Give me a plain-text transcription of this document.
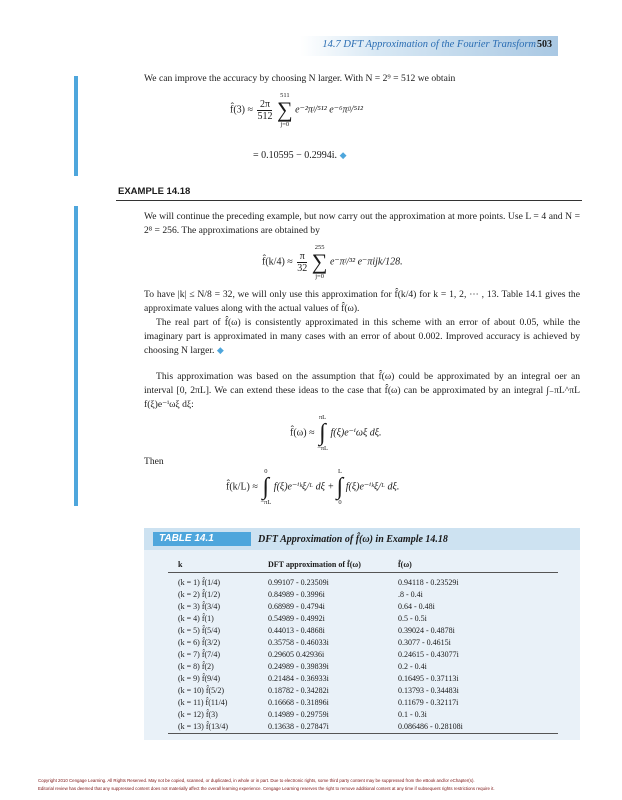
14.7 DFT Approximation of the Fourier Transform 503
We can improve the accuracy by choosing N larger. With N = 2⁹ = 512 we obtain
f̂(3) ≈ $\frac{2\pi}{512}$

511
∑
j=0
e⁻²πʲ/⁵¹² e⁻⁶πʲʲ/⁵¹²
= 0.10595 − 0.2994i. ◆
EXAMPLE 14.18
We will continue the preceding example, but now carry out the approximation at more points. Use L = 4 and N = 2⁸ = 256. The approximations are obtained by
f̂(k/4) ≈ $\frac{\pi}{32}$

255
∑
j=0
e⁻πʲ/³² e⁻πijk/128.
To have |k| ≤ N/8 = 32, we will only use this approximation for f̂(k/4) for k = 1, 2, ⋯ , 13. Table 14.1 gives the approximate values along with the actual values of f̂(ω).
The real part of f̂(ω) is consistently approximated in this scheme with an error of about 0.05, while the imaginary part is approximated in many cases with an error of about 0.002. Improved accuracy is achieved by choosing N larger. ◆
This approximation was based on the assumption that f̂(ω) could be approximated by an integral oer an interval [0, 2πL]. We can extend these ideas to the case that f̂(ω) can be approximated by an integral ∫₋πL^πL f(ξ)e⁻ⁱωξ dξ:
f̂(ω) ≈
πL
∫
−πL
f(ξ)e⁻ⁱωξ dξ.
Then
f̂(k/L) ≈
0
∫
−πL
f(ξ)e⁻ⁱᵏξ/ᴸ dξ +
L
∫
0
f(ξ)e⁻ⁱᵏξ/ᴸ dξ.
TABLE 14.1	DFT Approximation of f̂(ω) in Example 14.18
k	DFT approximation of f̂(ω)	f̂(ω)
(k = 1) f̂(1/4)	0.99107 - 0.23509i	0.94118 - 0.23529i
(k = 2) f̂(1/2)	0.84989 - 0.3996i	.8 - 0.4i
(k = 3) f̂(3/4)	0.68989 - 0.4794i	0.64 - 0.48i
(k = 4) f̂(1)	0.54989 - 0.4992i	0.5 - 0.5i
(k = 5) f̂(5/4)	0.44013 - 0.4868i	0.39024 - 0.4878i
(k = 6) f̂(3/2)	0.35758 - 0.46033i	0.3077 - 0.4615i
(k = 7) f̂(7/4)	0.29605 0.42936i	0.24615 - 0.43077i
(k = 8) f̂(2)	0.24989 - 0.39839i	0.2 - 0.4i
(k = 9) f̂(9/4)	0.21484 - 0.36933i	0.16495 - 0.37113i
(k = 10) f̂(5/2)	0.18782 - 0.34282i	0.13793 - 0.34483i
(k = 11) f̂(11/4)	0.16668 - 0.31896i	0.11679 - 0.32117i
(k = 12) f̂(3)	0.14989 - 0.29759i	0.1 - 0.3i
(k = 13) f̂(13/4)	0.13638 - 0.27847i	0.086486 - 0.28108i
Copyright 2010 Cengage Learning. All Rights Reserved. May not be copied, scanned, or duplicated, in whole or in part. Due to electronic rights, some third party content may be suppressed from the eBook and/or eChapter(s).
Editorial review has deemed that any suppressed content does not materially affect the overall learning experience. Cengage Learning reserves the right to remove additional content at any time if subsequent rights restrictions require it.
